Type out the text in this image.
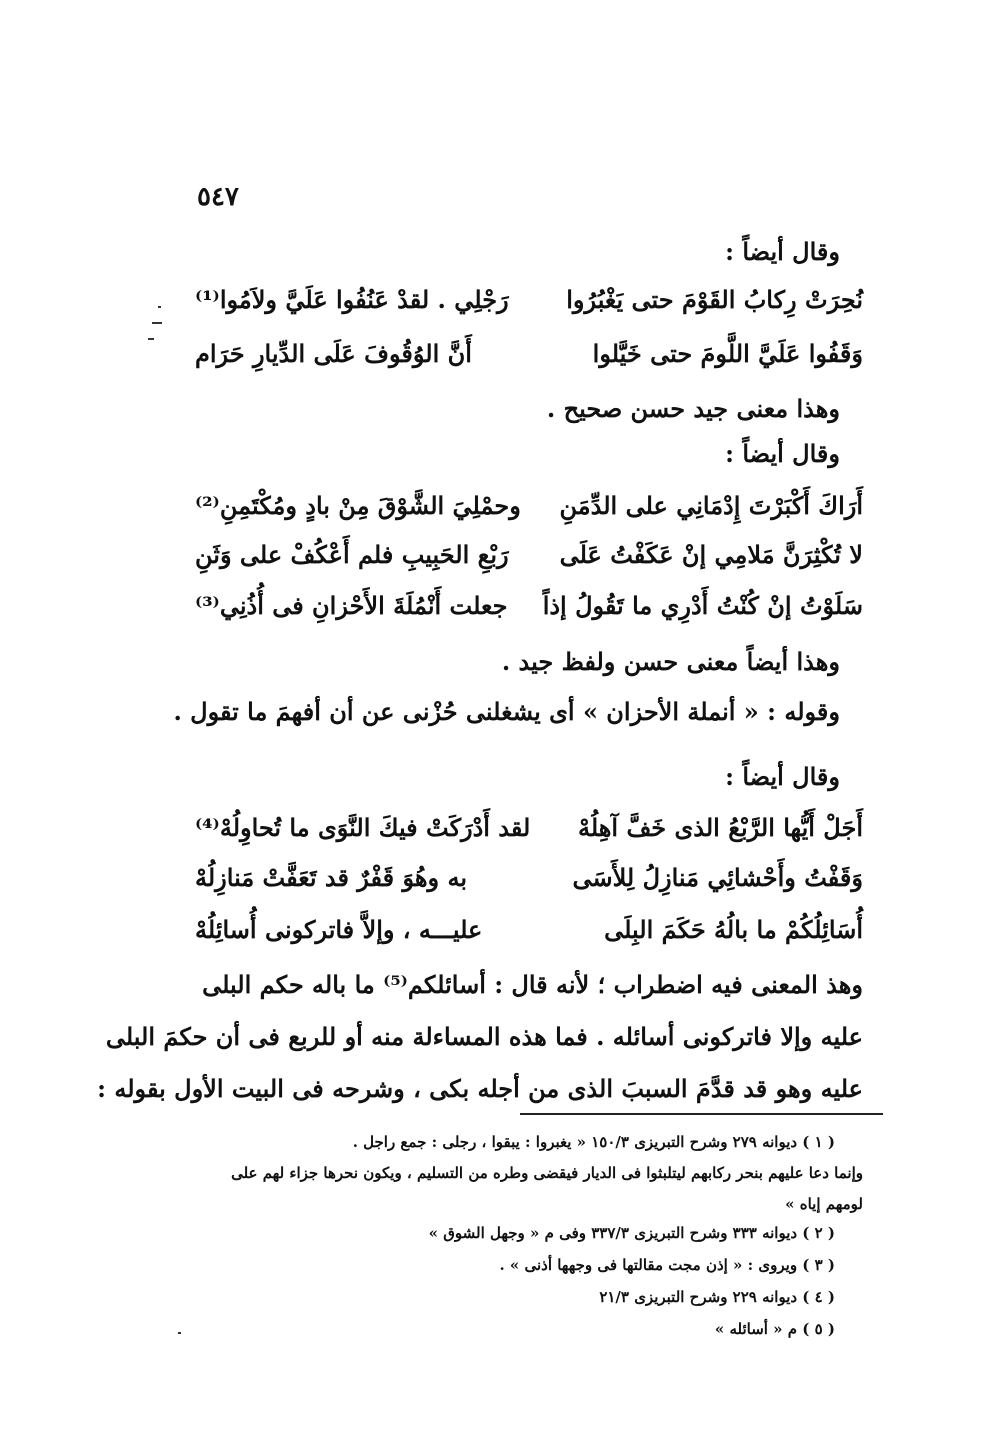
٥٤٧
وقال أيضاً :
نُحِرَتْ رِكابُ القَوْمَ حتى يَغْبُرُوا
رَجْلِي . لقدْ عَنُفُوا عَلَيَّ ولاَمُوا⁽¹⁾
وَقَفُوا عَلَيَّ اللَّومَ حتى خَيَّلوا
أَنَّ الوُقُوفَ عَلَى الدِّيارِ حَرَام
وهذا معنى جيد حسن صحيح .
وقال أيضاً :
أَرَاكَ أَكْبَرْتَ إِدْمَانِي على الدِّمَنِ
وحمْلِيَ الشَّوْقَ مِنْ بادٍ ومُكْتَمِنِ⁽²⁾
لا تُكْثِرَنَّ مَلامِي إنْ عَكَفْتُ عَلَى
رَبْعِ الحَبِيبِ فلم أَعْكُفْ على وَثَنِ
سَلَوْتُ إنْ كُنْتُ أَدْرِي ما تَقُولُ إذاً
جعلت أَنْمُلَةَ الأَحْزانِ فى أُذُنِي⁽³⁾
وهذا أيضاً معنى حسن ولفظ جيد .
وقوله : « أنملة الأحزان » أى يشغلنى حُزْنى عن أن أفهمَ ما تقول .
وقال أيضاً :
أَجَلْ أَيُّها الرَّبْعُ الذى خَفَّ آهِلُهْ
لقد أَدْرَكَتْ فيكَ النَّوَى ما تُحاوِلُهْ⁽⁴⁾
وَقَفْتُ وأَحْشائِي مَنازِلُ لِلأَسَى
به وهُوَ قَفْرٌ قد تَعَفَّتْ مَنازِلُهْ
أُسَائِلُكُمْ ما بالُهُ حَكَمَ البِلَى
عليـــه ، وإلاَّ فاتركونى أُسائِلُهْ
وهذ المعنى فيه اضطراب ؛ لأنه قال : أسائلكم⁽⁵⁾ ما باله حكم البلى
عليه وإلا فاتركونى أسائله . فما هذه المساءلة منه أو للربع فى أن حكمَ البلى
عليه وهو قد قدَّمَ السببَ الذى من أجله بكى ، وشرحه فى البيت الأول بقوله :
( ١ ) ديوانه ٢٧٩ وشرح التبريزى ١٥٠/٣ « يغبروا : يبقوا ، رجلى : جمع راجل .
وإنما دعا عليهم بنحر ركابهم ليتلبثوا فى الديار فيقضى وطره من التسليم ، ويكون نحرها جزاء لهم على
لومهم إياه »
( ٢ ) ديوانه ٣٣٣ وشرح التبريزى ٣٣٧/٣ وفى م « وجهل الشوق »
( ٣ ) ويروى : « إذن مجت مقالتها فى وجهها أذنى » .
( ٤ ) ديوانه ٢٢٩ وشرح التبريزى ٢١/٣
( ٥ ) م « أسائله »
